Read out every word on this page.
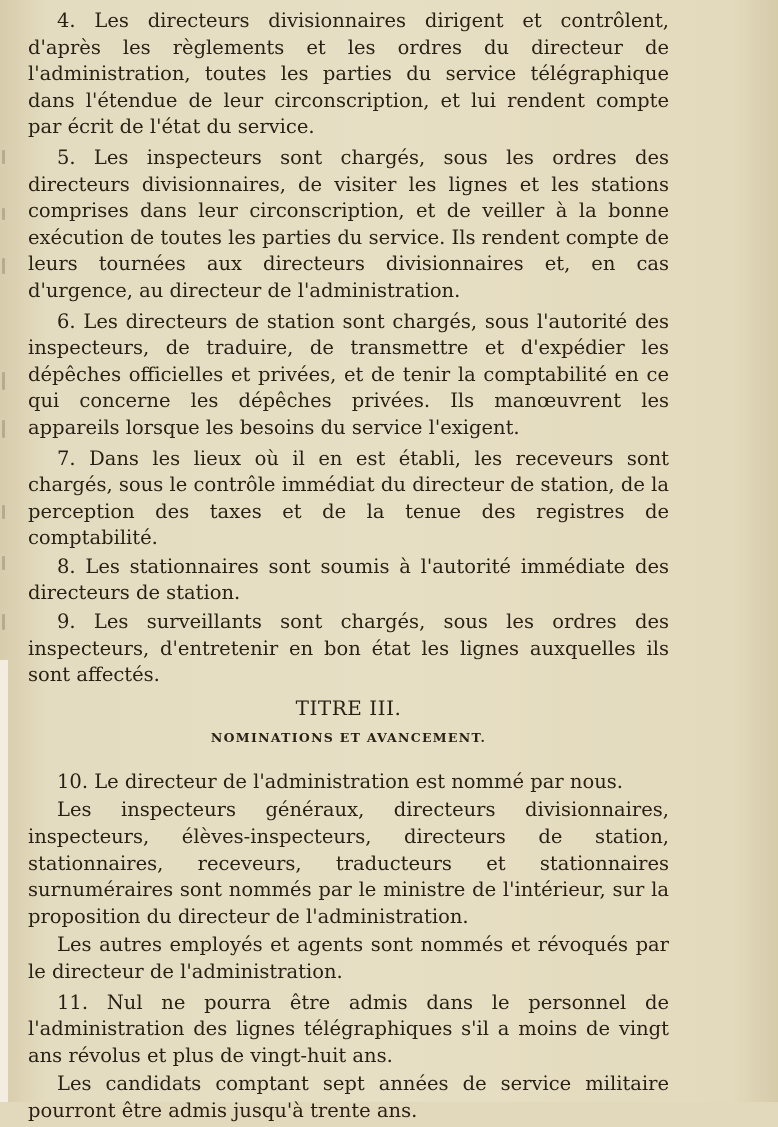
4. Les directeurs divisionnaires dirigent et contrôlent, d'après les règlements et les ordres du directeur de l'administration, toutes les parties du service télégraphique dans l'étendue de leur circonscription, et lui rendent compte par écrit de l'état du service.

5. Les inspecteurs sont chargés, sous les ordres des directeurs divisionnaires, de visiter les lignes et les stations comprises dans leur circonscription, et de veiller à la bonne exécution de toutes les parties du service. Ils rendent compte de leurs tournées aux directeurs divisionnaires et, en cas d'urgence, au directeur de l'administration.

6. Les directeurs de station sont chargés, sous l'autorité des inspecteurs, de traduire, de transmettre et d'expédier les dépêches officielles et privées, et de tenir la comptabilité en ce qui concerne les dépêches privées. Ils manœuvrent les appareils lorsque les besoins du service l'exigent.

7. Dans les lieux où il en est établi, les receveurs sont chargés, sous le contrôle immédiat du directeur de station, de la perception des taxes et de la tenue des registres de comptabilité.

8. Les stationnaires sont soumis à l'autorité immédiate des directeurs de station.

9. Les surveillants sont chargés, sous les ordres des inspecteurs, d'entretenir en bon état les lignes auxquelles ils sont affectés.

TITRE III.
NOMINATIONS ET AVANCEMENT.

10. Le directeur de l'administration est nommé par nous.

Les inspecteurs généraux, directeurs divisionnaires, inspecteurs, élèves-inspecteurs, directeurs de station, stationnaires, receveurs, traducteurs et stationnaires surnuméraires sont nommés par le ministre de l'intérieur, sur la proposition du directeur de l'administration.

Les autres employés et agents sont nommés et révoqués par le directeur de l'administration.

11. Nul ne pourra être admis dans le personnel de l'administration des lignes télégraphiques s'il a moins de vingt ans révolus et plus de vingt-huit ans.

Les candidats comptant sept années de service militaire pourront être admis jusqu'à trente ans.
